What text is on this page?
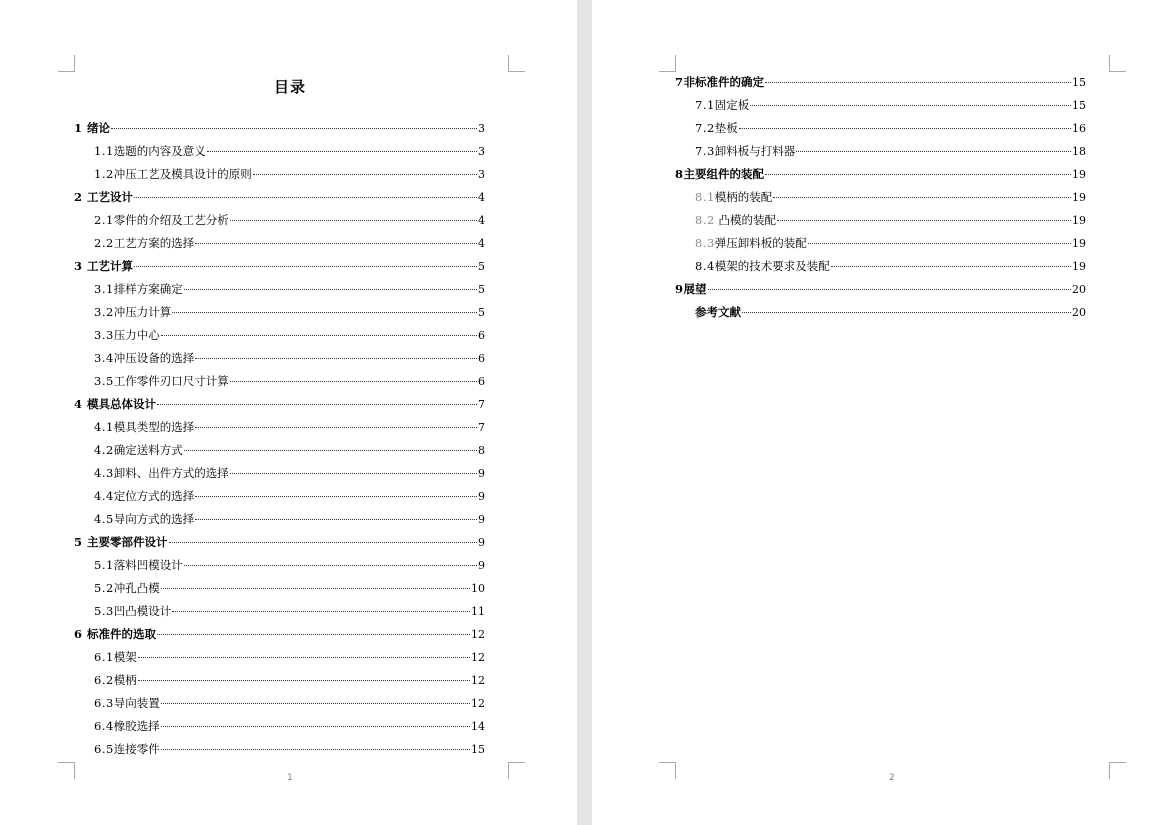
目录
1 绪论	3
1.1选题的内容及意义	3
1.2冲压工艺及模具设计的原则	3
2 工艺设计	4
2.1零件的介绍及工艺分析	4
2.2工艺方案的选择	4
3 工艺计算	5
3.1排样方案确定	5
3.2冲压力计算	5
3.3压力中心	6
3.4冲压设备的选择	6
3.5工作零件刃口尺寸计算	6
4 模具总体设计	7
4.1模具类型的选择	7
4.2确定送料方式	8
4.3卸料、出件方式的选择	9
4.4定位方式的选择	9
4.5导向方式的选择	9
5 主要零部件设计	9
5.1落料凹模设计	9
5.2冲孔凸模	10
5.3凹凸模设计	11
6 标准件的选取	12
6.1模架	12
6.2模柄	12
6.3导向装置	12
6.4橡胶选择	14
6.5连接零件	15
1
7非标准件的确定	15
7.1固定板	15
7.2垫板	16
7.3卸料板与打料器	18
8主要组件的装配	19
8.1模柄的装配	19
8.2 凸模的装配	19
8.3弹压卸料板的装配	19
8.4模架的技术要求及装配	19
9展望	20
参考文献	20
2
